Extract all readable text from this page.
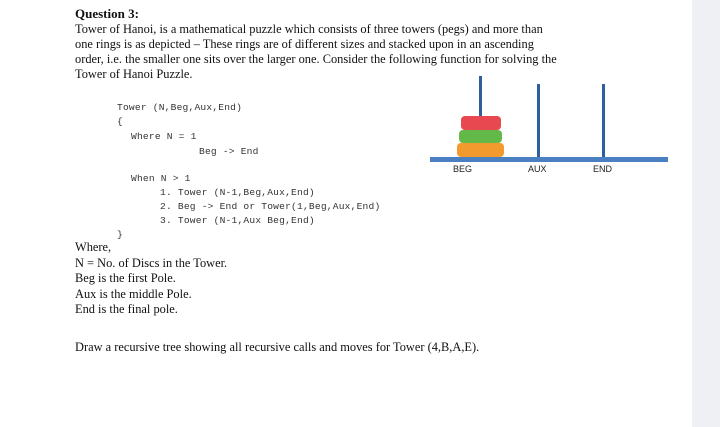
Question 3:
Tower of Hanoi, is a mathematical puzzle which consists of three towers (pegs) and more than
one rings is as depicted – These rings are of different sizes and stacked upon in an ascending
order, i.e. the smaller one sits over the larger one. Consider the following function for solving the
Tower of Hanoi Puzzle.
Tower (N,Beg,Aux,End)
{
Where N = 1
Beg -> End
When N > 1
1. Tower (N-1,Beg,Aux,End)
2. Beg -> End or Tower(1,Beg,Aux,End)
3. Tower (N-1,Aux Beg,End)
}
BEG	AUX	END
Where,
N = No. of Discs in the Tower.
Beg is the first Pole.
Aux is the middle Pole.
End is the final pole.
Draw a recursive tree showing all recursive calls and moves for Tower (4,B,A,E).
